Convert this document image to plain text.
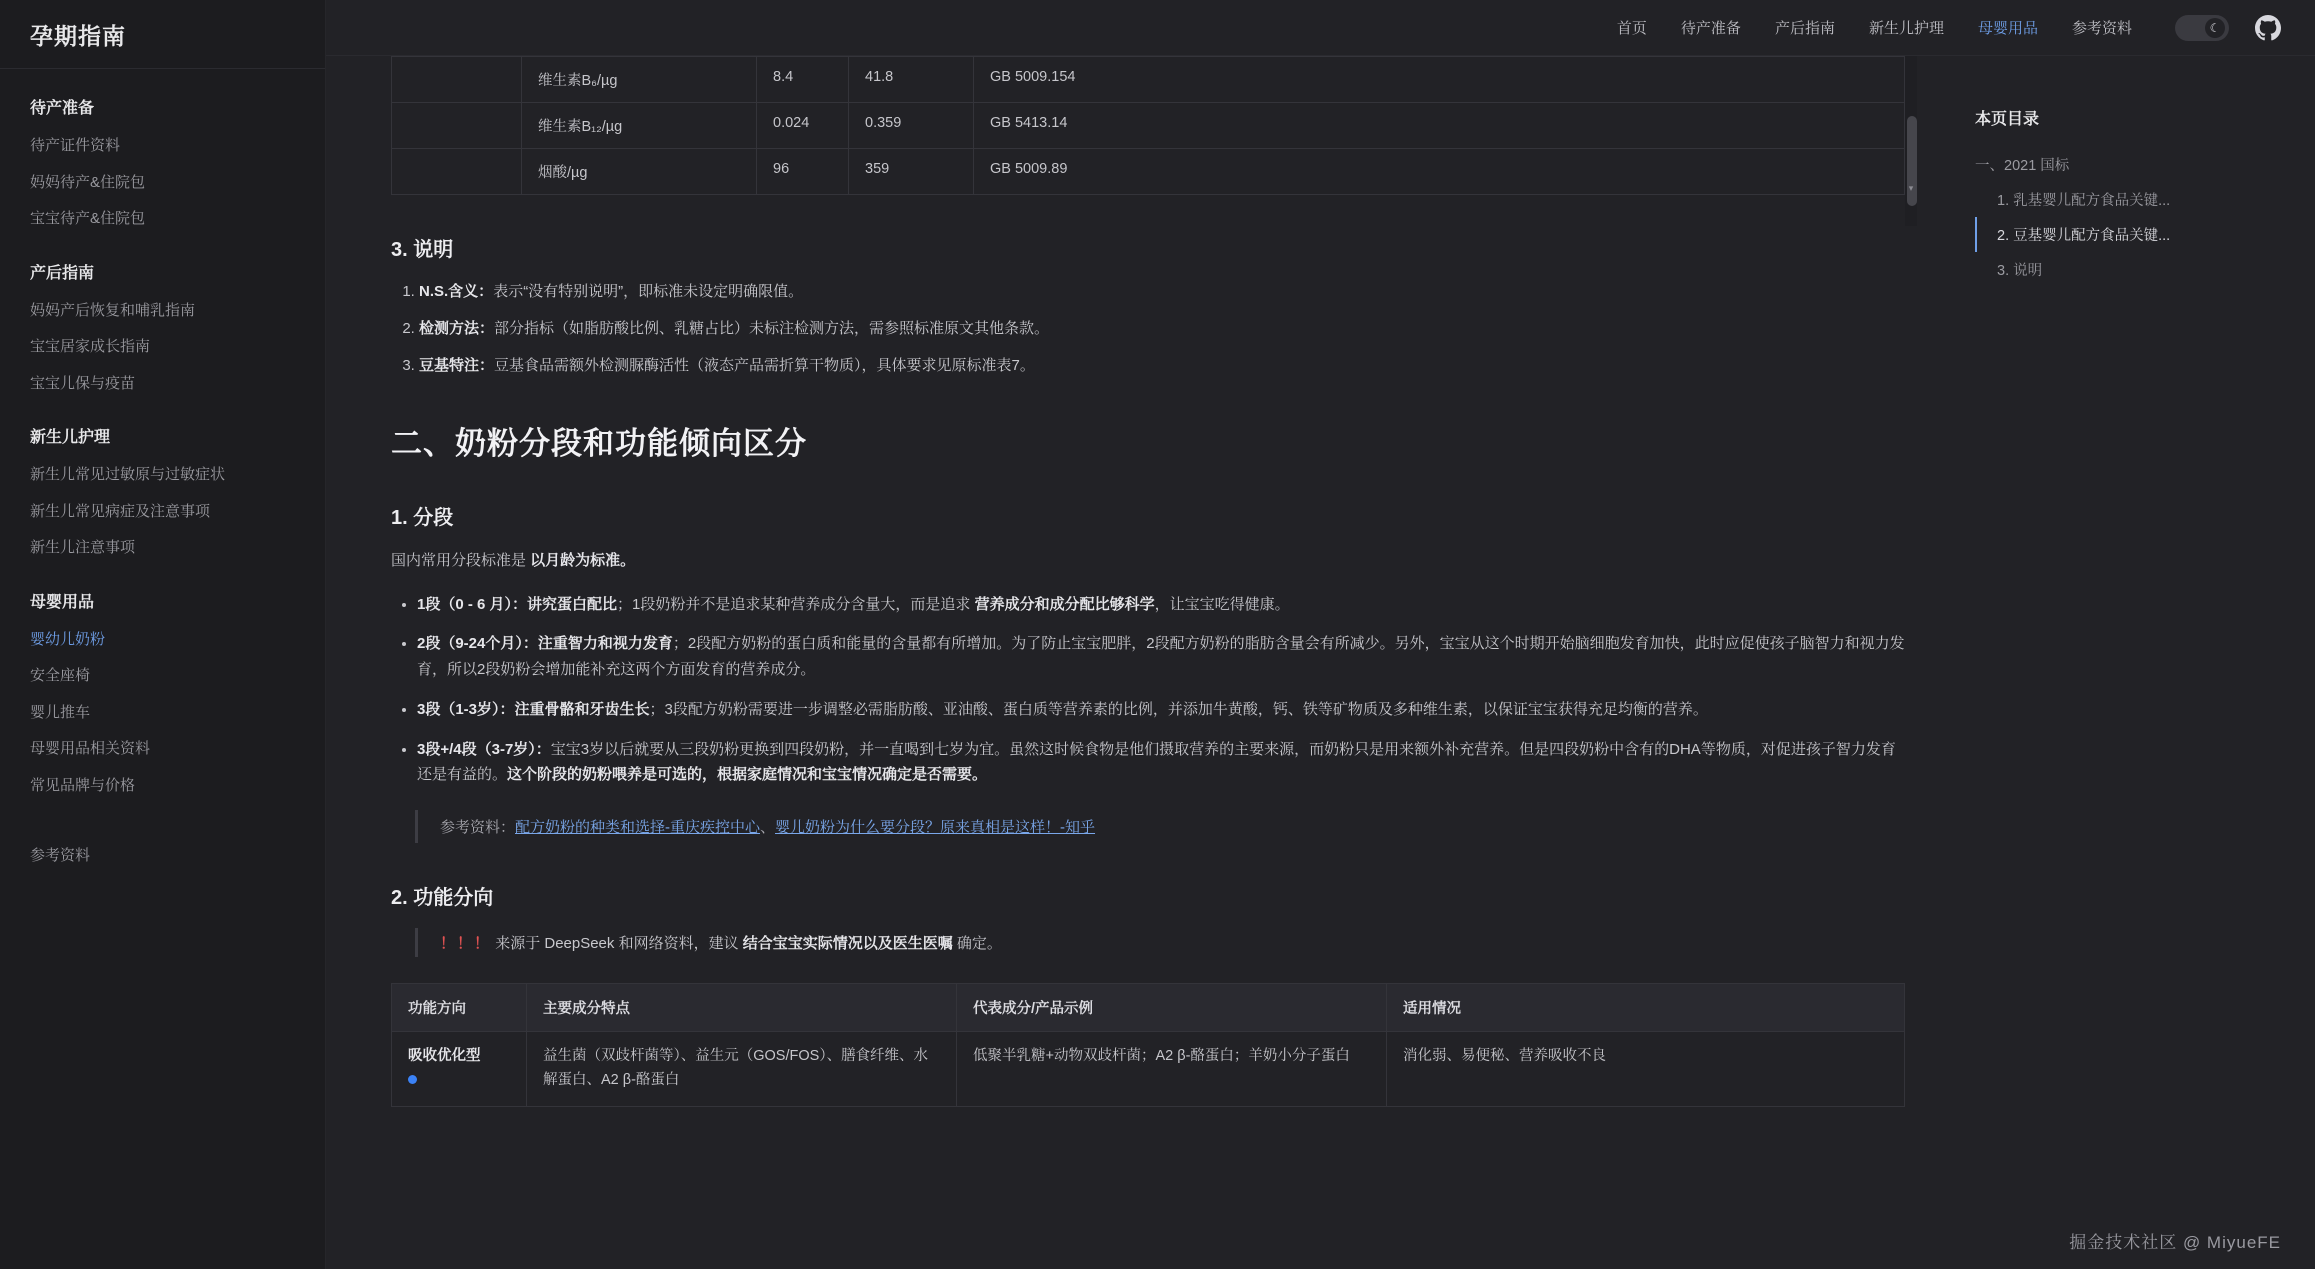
孕期指南
待产准备
待产证件资料
妈妈待产&住院包
宝宝待产&住院包
产后指南
妈妈产后恢复和哺乳指南
宝宝居家成长指南
宝宝儿保与疫苗
新生儿护理
新生儿常见过敏原与过敏症状
新生儿常见病症及注意事项
新生儿注意事项
母婴用品
婴幼儿奶粉
安全座椅
婴儿推车
母婴用品相关资料
常见品牌与价格
参考资料
首页	待产准备	产后指南	新生儿护理	母婴用品	参考资料	☾
	维生素B₆/µg	8.4	41.8	GB 5009.154
	维生素B₁₂/µg	0.024	0.359	GB 5413.14
	烟酸/µg	96	359	GB 5009.89
▾
3. 说明
1. N.S.含义：表示“没有特别说明”，即标准未设定明确限值。
2. 检测方法：部分指标（如脂肪酸比例、乳糖占比）未标注检测方法，需参照标准原文其他条款。
3. 豆基特注：豆基食品需额外检测脲酶活性（液态产品需折算干物质），具体要求见原标准表7。
二、奶粉分段和功能倾向区分
1. 分段

国内常用分段标准是 以月龄为标准。

• 1段（0 - 6 月）：讲究蛋白配比；1段奶粉并不是追求某种营养成分含量大，而是追求 营养成分和成分配比够科学，让宝宝吃得健康。
• 2段（9-24个月）：注重智力和视力发育；2段配方奶粉的蛋白质和能量的含量都有所增加。为了防止宝宝肥胖，2段配方奶粉的脂肪含量会有所减少。另外，宝宝从这个时期开始脑细胞发育加快，此时应促使孩子脑智力和视力发育，所以2段奶粉会增加能补充这两个方面发育的营养成分。
• 3段（1-3岁）：注重骨骼和牙齿生长；3段配方奶粉需要进一步调整必需脂肪酸、亚油酸、蛋白质等营养素的比例，并添加牛黄酸，钙、铁等矿物质及多种维生素，以保证宝宝获得充足均衡的营养。
• 3段+/4段（3-7岁）：宝宝3岁以后就要从三段奶粉更换到四段奶粉，并一直喝到七岁为宜。虽然这时候食物是他们摄取营养的主要来源，而奶粉只是用来额外补充营养。但是四段奶粉中含有的DHA等物质，对促进孩子智力发育还是有益的。这个阶段的奶粉喂养是可选的，根据家庭情况和宝宝情况确定是否需要。
参考资料：配方奶粉的种类和选择-重庆疾控中心、婴儿奶粉为什么要分段？原来真相是这样！-知乎
2. 功能分向
！！！ 来源于 DeepSeek 和网络资料，建议 结合宝宝实际情况以及医生医嘱 确定。
功能方向	主要成分特点	代表成分/产品示例	适用情况

吸收优化型	益生菌（双歧杆菌等）、益生元（GOS/FOS）、膳食纤维、水解蛋白、A2 β-酪蛋白	低聚半乳糖+动物双歧杆菌；A2 β-酪蛋白；羊奶小分子蛋白	消化弱、易便秘、营养吸收不良
本页目录
一、2021 国标
1. 乳基婴儿配方食品关键...
2. 豆基婴儿配方食品关键...
3. 说明
掘金技术社区 @ MiyueFE
